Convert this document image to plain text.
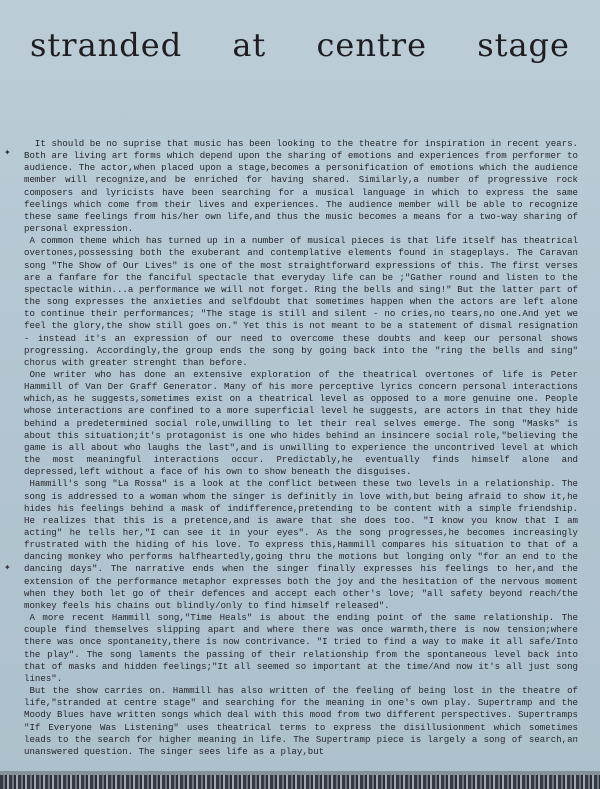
stranded at centre stage
✦
✦

It should be no suprise that music has been looking to the theatre for inspiration in recent years. Both are living art forms which depend upon the sharing of emotions and experiences from performer to audience. The actor,when placed upon a stage,becomes a personification of emotions which the audience member will recognize,and be enriched for having shared. Similarly,a number of progressive rock composers and lyricists have been searching for a musical language in which to express the same feelings which come from their lives and experiences. The audience member will be able to recognize these same feelings from his/her own life,and thus the music becomes a means for a two-way sharing of personal expression.

A common theme which has turned up in a number of musical pieces is that life itself has theatrical overtones,possessing both the exuberant and contemplative elements found in stageplays. The Caravan song "The Show of Our Lives" is one of the most straightforward expressions of this. The first verses are a fanfare for the fanciful spectacle that everyday life can be ;"Gather round and listen to the spectacle within...a performance we will not forget. Ring the bells and sing!" But the latter part of the song expresses the anxieties and selfdoubt that sometimes happen when the actors are left alone to continue their performances; "The stage is still and silent - no cries,no tears,no one.And yet we feel the glory,the show still goes on." Yet this is not meant to be a statement of dismal resignation - instead it's an expression of our need to overcome these doubts and keep our personal shows progressing. Accordingly,the group ends the song by going back into the "ring the bells and sing" chorus with greater strenght than before.

One writer who has done an extensive exploration of the theatrical overtones of life is Peter Hammill of Van Der Graff Generator. Many of his more perceptive lyrics concern personal interactions which,as he suggests,sometimes exist on a theatrical level as opposed to a more genuine one. People whose interactions are confined to a more superficial level he suggests, are actors in that they hide behind a predetermined social role,unwilling to let their real selves emerge. The song "Masks" is about this situation;it's protagonist is one who hides behind an insincere social role,"believing the game is all about who laughs the last",and is unwilling to experience the uncontrived level at which the most meaningful interactions occur. Predictably,he eventually finds himself alone and depressed,left without a face of his own to show beneath the disguises.

Hammill's song "La Rossa" is a look at the conflict between these two levels in a relationship. The song is addressed to a woman whom the singer is definitly in love with,but being afraid to show it,he hides his feelings behind a mask of indifference,pretending to be content with a simple friendship. He realizes that this is a pretence,and is aware that she does too. "I know you know that I am acting" he tells her,"I can see it in your eyes". As the song progresses,he becomes increasingly frustrated with the hiding of his love. To express this,Hammill compares his situation to that of a dancing monkey who performs halfheartedly,going thru the motions but longing only "for an end to the dancing days". The narrative ends when the singer finally expresses his feelings to her,and the extension of the performance metaphor expresses both the joy and the hesitation of the nervous moment when they both let go of their defences and accept each other's love; "all safety beyond reach/the monkey feels his chains out blindly/only to find himself released".

A more recent Hammill song,"Time Heals" is about the ending point of the same relationship. The couple find themselves slipping apart and where there was once warmth,there is now tension;where there was once spontaneity,there is now contrivance. "I tried to find a way to make it all safe/Into the play". The song laments the passing of their relationship from the spontaneous level back into that of masks and hidden feelings;"It all seemed so important at the time/And now it's all just song lines".

But the show carries on. Hammill has also written of the feeling of being lost in the theatre of life,"stranded at centre stage" and searching for the meaning in one's own play. Supertramp and the Moody Blues have written songs which deal with this mood from two different perspectives. Supertramps "If Everyone Was Listening" uses theatrical terms to express the disillusionment which sometimes leads to the search for higher meaning in life. The Supertramp piece is largely a song of search,an unanswered question. The singer sees life as a play,but
